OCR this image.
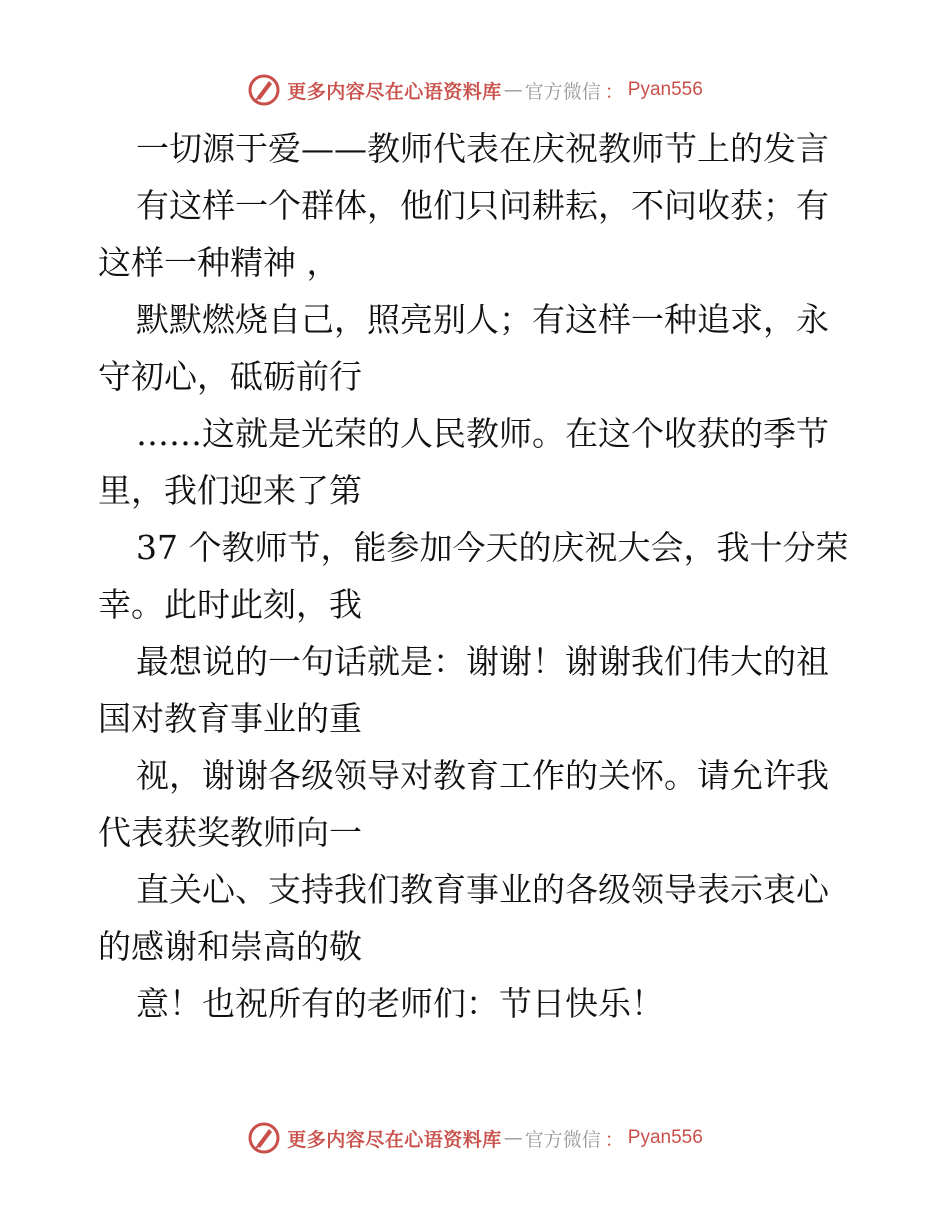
更多内容尽在心语资料库 — 官方微信 ： Pyan556

一切源于爱——教师代表在庆祝教师节上的发言

有这样一个群体，他们只问耕耘，不问收获；有这样一种精神 ，

默默燃烧自己，照亮别人；有这样一种追求，永守初心，砥砺前行

……这就是光荣的人民教师。在这个收获的季节里，我们迎来了第

37 个教师节，能参加今天的庆祝大会，我十分荣幸。此时此刻，我

最想说的一句话就是：谢谢！谢谢我们伟大的祖国对教育事业的重

视，谢谢各级领导对教育工作的关怀。请允许我代表获奖教师向一

直关心、支持我们教育事业的各级领导表示衷心的感谢和崇高的敬

意！也祝所有的老师们：节日快乐！

更多内容尽在心语资料库 — 官方微信 ： Pyan556
